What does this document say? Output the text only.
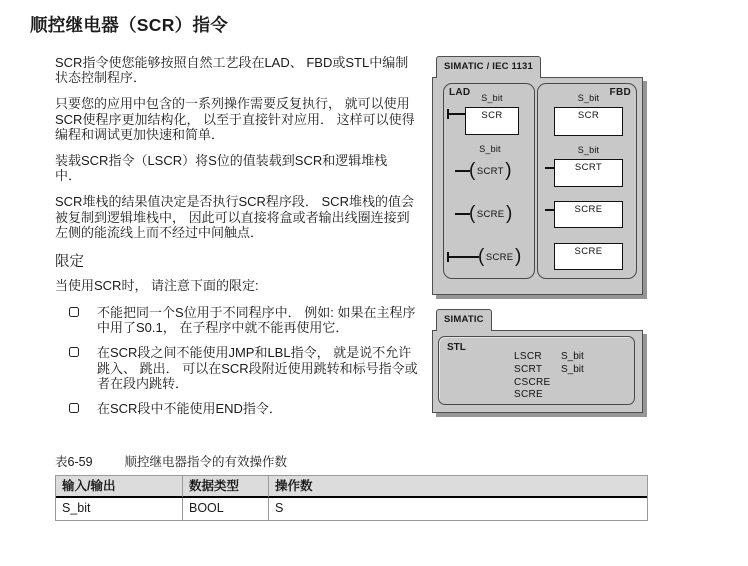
顺控继电器（SCR）指令

SCR指令使您能够按照自然工艺段在LAD、 FBD或STL中编制
状态控制程序．

只要您的应用中包含的一系列操作需要反复执行， 就可以使用
SCR使程序更加结构化， 以至于直接针对应用． 这样可以使得
编程和调试更加快速和简单．

装载SCR指令（LSCR）将S位的值装载到SCR和逻辑堆栈
中．

SCR堆栈的结果值决定是否执行SCR程序段． SCR堆栈的值会
被复制到逻辑堆栈中， 因此可以直接将盒或者输出线圈连接到
左侧的能流线上而不经过中间触点．

限定

当使用SCR时， 请注意下面的限定:

不能把同一个S位用于不同程序中． 例如: 如果在主程序
中用了S0.1， 在子程序中就不能再使用它．
在SCR段之间不能使用JMP和LBL指令， 就是说不允许
跳入、 跳出． 可以在SCR段附近使用跳转和标号指令或
者在段内跳转．
在SCR段中不能使用END指令．
SIMATIC / IEC 1131
LAD	S_bit
SCR
S_bit
( SCRT
)
( SCRE
)
( SCRE
)
FBD
S_bit
SCR
S_bit
SCRT
SCRE
SCRE
SIMATIC
STL
LSCR S_bit
SCRT S_bit
CSCRE
SCRE
表6-59	顺控继电器指令的有效操作数
输入/输出	数据类型	操作数
S_bit	BOOL	S
